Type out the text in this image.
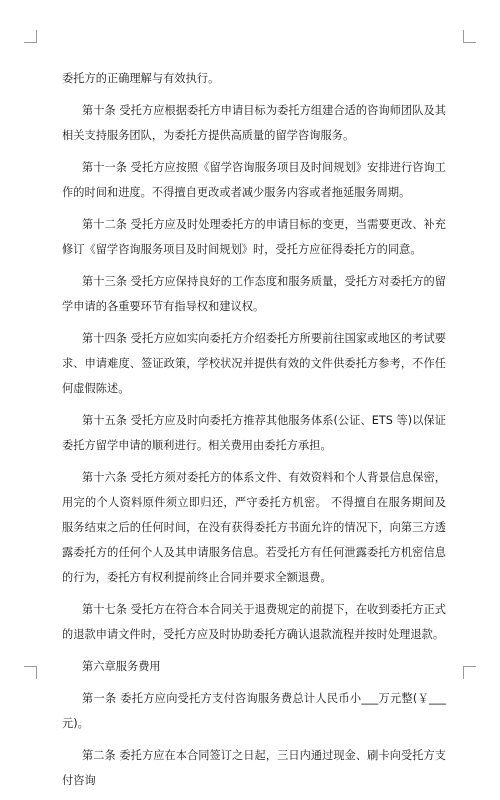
委托方的正确理解与有效执行。

第十条 受托方应根据委托方申请目标为委托方组建合适的咨询师团队及其相关支持服务团队，为委托方提供高质量的留学咨询服务。

第十一条 受托方应按照《留学咨询服务项目及时间规划》安排进行咨询工作的时间和进度。不得擅自更改或者减少服务内容或者拖延服务周期。

第十二条 受托方应及时处理委托方的申请目标的变更，当需要更改、补充修订《留学咨询服务项目及时间规划》时，受托方应征得委托方的同意。

第十三条 受托方应保持良好的工作态度和服务质量，受托方对委托方的留学申请的各重要环节有指导权和建议权。

第十四条 受托方应如实向委托方介绍委托方所要前往国家或地区的考试要求、申请难度、签证政策，学校状况并提供有效的文件供委托方参考，不作任何虚假陈述。

第十五条 受托方应及时向委托方推荐其他服务体系(公证、ETS 等)以保证委托方留学申请的顺利进行。相关费用由委托方承担。

第十六条 受托方须对委托方的体系文件、有效资料和个人背景信息保密，用完的个人资料原件须立即归还，严守委托方机密。 不得擅自在服务期间及服务结束之后的任何时间，在没有获得委托方书面允许的情况下，向第三方透露委托方的任何个人及其申请服务信息。若受托方有任何泄露委托方机密信息的行为，委托方有权利提前终止合同并要求全额退费。

第十七条 受托方在符合本合同关于退费规定的前提下，在收到委托方正式的退款申请文件时，受托方应及时协助委托方确认退款流程并按时处理退款。

第六章服务费用

第一条 委托方应向受托方支付咨询服务费总计人民币小___万元整(￥___元)。

第二条 委托方应在本合同签订之日起，三日内通过现金、刷卡向受托方支付咨询
